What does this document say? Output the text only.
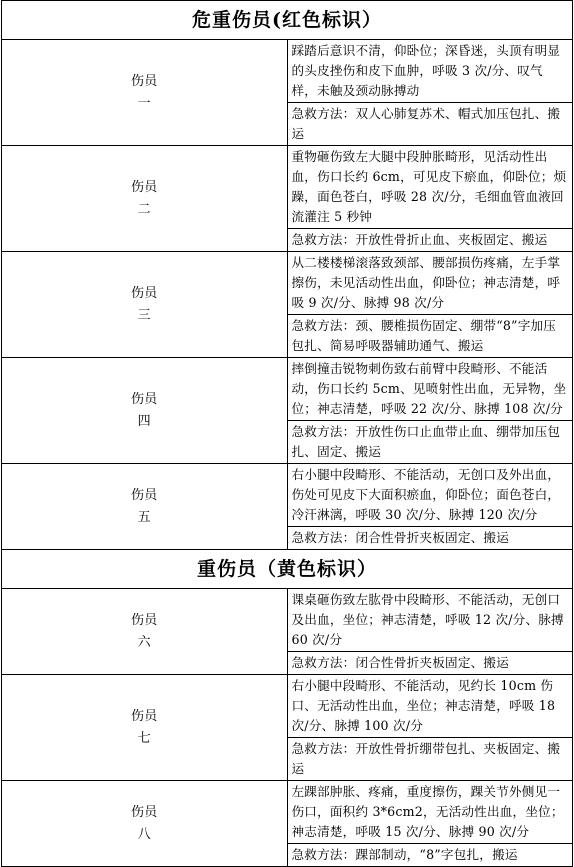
危重伤员(红色标识）	
伤员
一	踩踏后意识不清，仰卧位；深昏迷，头顶有明显的头皮挫伤和皮下血肿，呼吸 3 次/分、叹气样，未触及颈动脉搏动
	急救方法：双人心肺复苏术、帽式加压包扎、搬运
伤员
二	重物砸伤致左大腿中段肿胀畸形，见活动性出血，伤口长约 6cm，可见皮下瘀血，仰卧位；烦躁，面色苍白，呼吸 28 次/分，毛细血管血液回流灌注 5 秒钟
	急救方法：开放性骨折止血、夹板固定、搬运
伤员
三	从二楼楼梯滚落致颈部、腰部损伤疼痛，左手掌擦伤，未见活动性出血，仰卧位；神志清楚，呼吸 9 次/分、脉搏 98 次/分
	急救方法：颈、腰椎损伤固定、绷带“8”字加压包扎、简易呼吸器辅助通气、搬运
伤员
四	摔倒撞击锐物刺伤致右前臂中段畸形、不能活动，伤口长约 5cm、见喷射性出血，无异物，坐位；神志清楚，呼吸 22 次/分、脉搏 108 次/分
	急救方法：开放性伤口止血带止血、绷带加压包扎、固定、搬运
伤员
五	右小腿中段畸形、不能活动，无创口及外出血，伤处可见皮下大面积瘀血，仰卧位；面色苍白，冷汗淋漓，呼吸 30 次/分、脉搏 120 次/分
	急救方法：闭合性骨折夹板固定、搬运
重伤员（黄色标识）	
伤员
六	课桌砸伤致左肱骨中段畸形、不能活动，无创口及出血，坐位；神志清楚，呼吸 12 次/分、脉搏 60 次/分
	急救方法：闭合性骨折夹板固定、搬运
伤员
七	右小腿中段畸形、不能活动，见约长 10cm 伤口、无活动性出血，坐位；神志清楚，呼吸 18 次/分、脉搏 100 次/分
	急救方法：开放性骨折绷带包扎、夹板固定、搬运
伤员
八	左踝部肿胀、疼痛，重度擦伤，踝关节外侧见一伤口，面积约 3*6cm2，无活动性出血，坐位；神志清楚，呼吸 15 次/分、脉搏 90 次/分
	急救方法：踝部制动，“8”字包扎，搬运
